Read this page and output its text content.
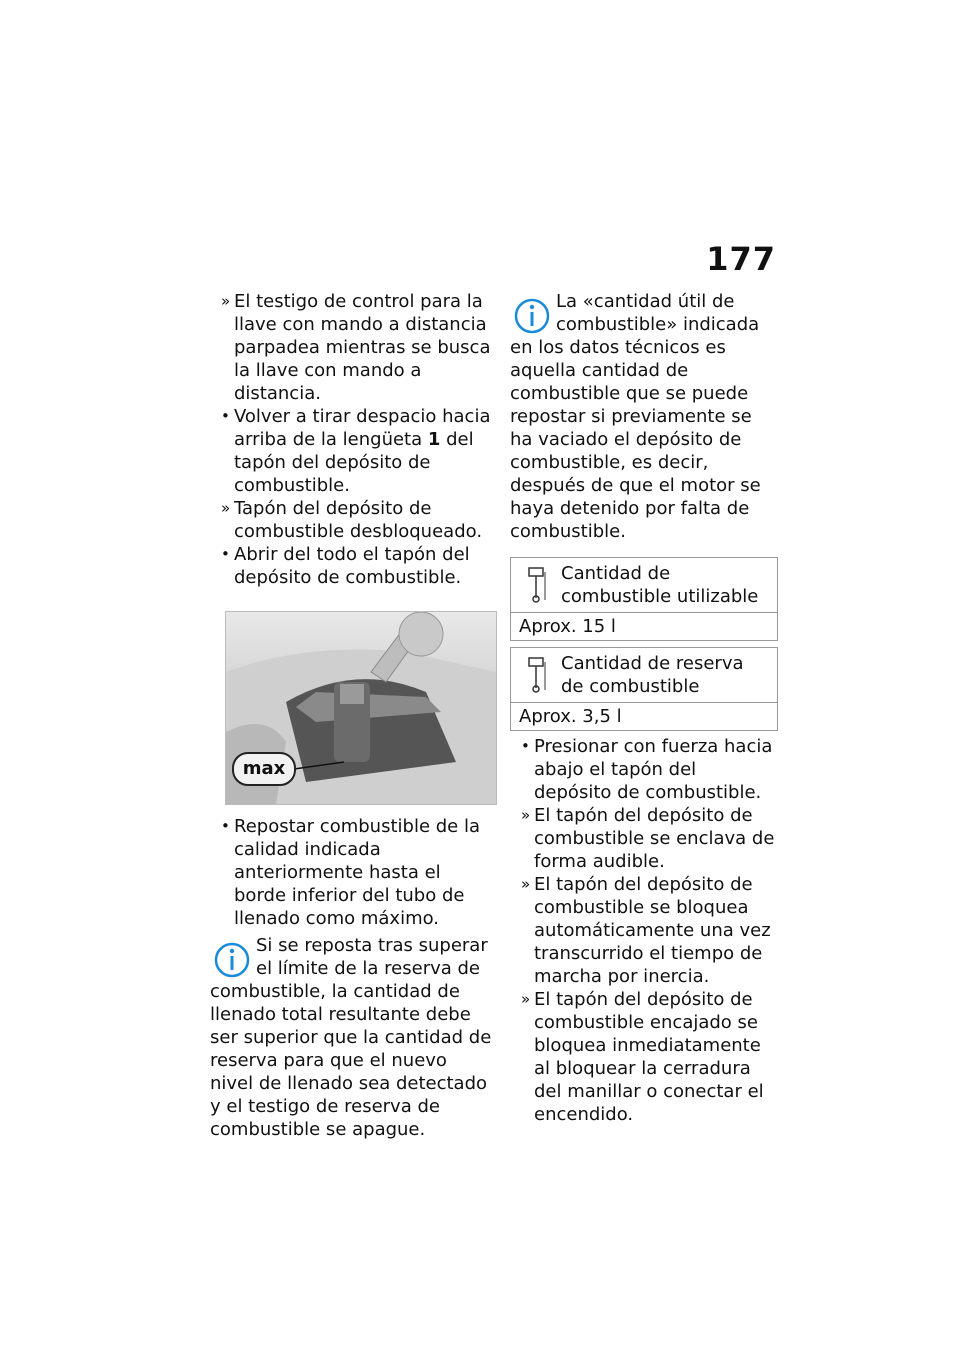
177
» El testigo de control para la llave con mando a distancia parpadea mientras se busca la llave con mando a distancia.
• Volver a tirar despacio hacia arriba de la lengüeta 1 del tapón del depósito de combustible.
» Tapón del depósito de combustible desbloqueado.
• Abrir del todo el tapón del depósito de combustible.
max
• Repostar combustible de la calidad indicada anteriormente hasta el borde inferior del tubo de llenado como máximo.
Si se reposta tras superar el límite de la reserva de combustible, la cantidad de llenado total resultante debe ser superior que la cantidad de reserva para que el nuevo nivel de llenado sea detectado y el testigo de reserva de combustible se apague.
La «cantidad útil de combustible» indicada en los datos técnicos es aquella cantidad de combustible que se puede repostar si previamente se ha vaciado el depósito de combustible, es decir, después de que el motor se haya detenido por falta de combustible.
Cantidad de combustible utilizable
Aprox. 15 l
Cantidad de reserva de combustible
Aprox. 3,5 l
• Presionar con fuerza hacia abajo el tapón del depósito de combustible.
» El tapón del depósito de combustible se enclava de forma audible.
» El tapón del depósito de combustible se bloquea automáticamente una vez transcurrido el tiempo de marcha por inercia.
» El tapón del depósito de combustible encajado se bloquea inmediatamente al bloquear la cerradura del manillar o conectar el encendido.
